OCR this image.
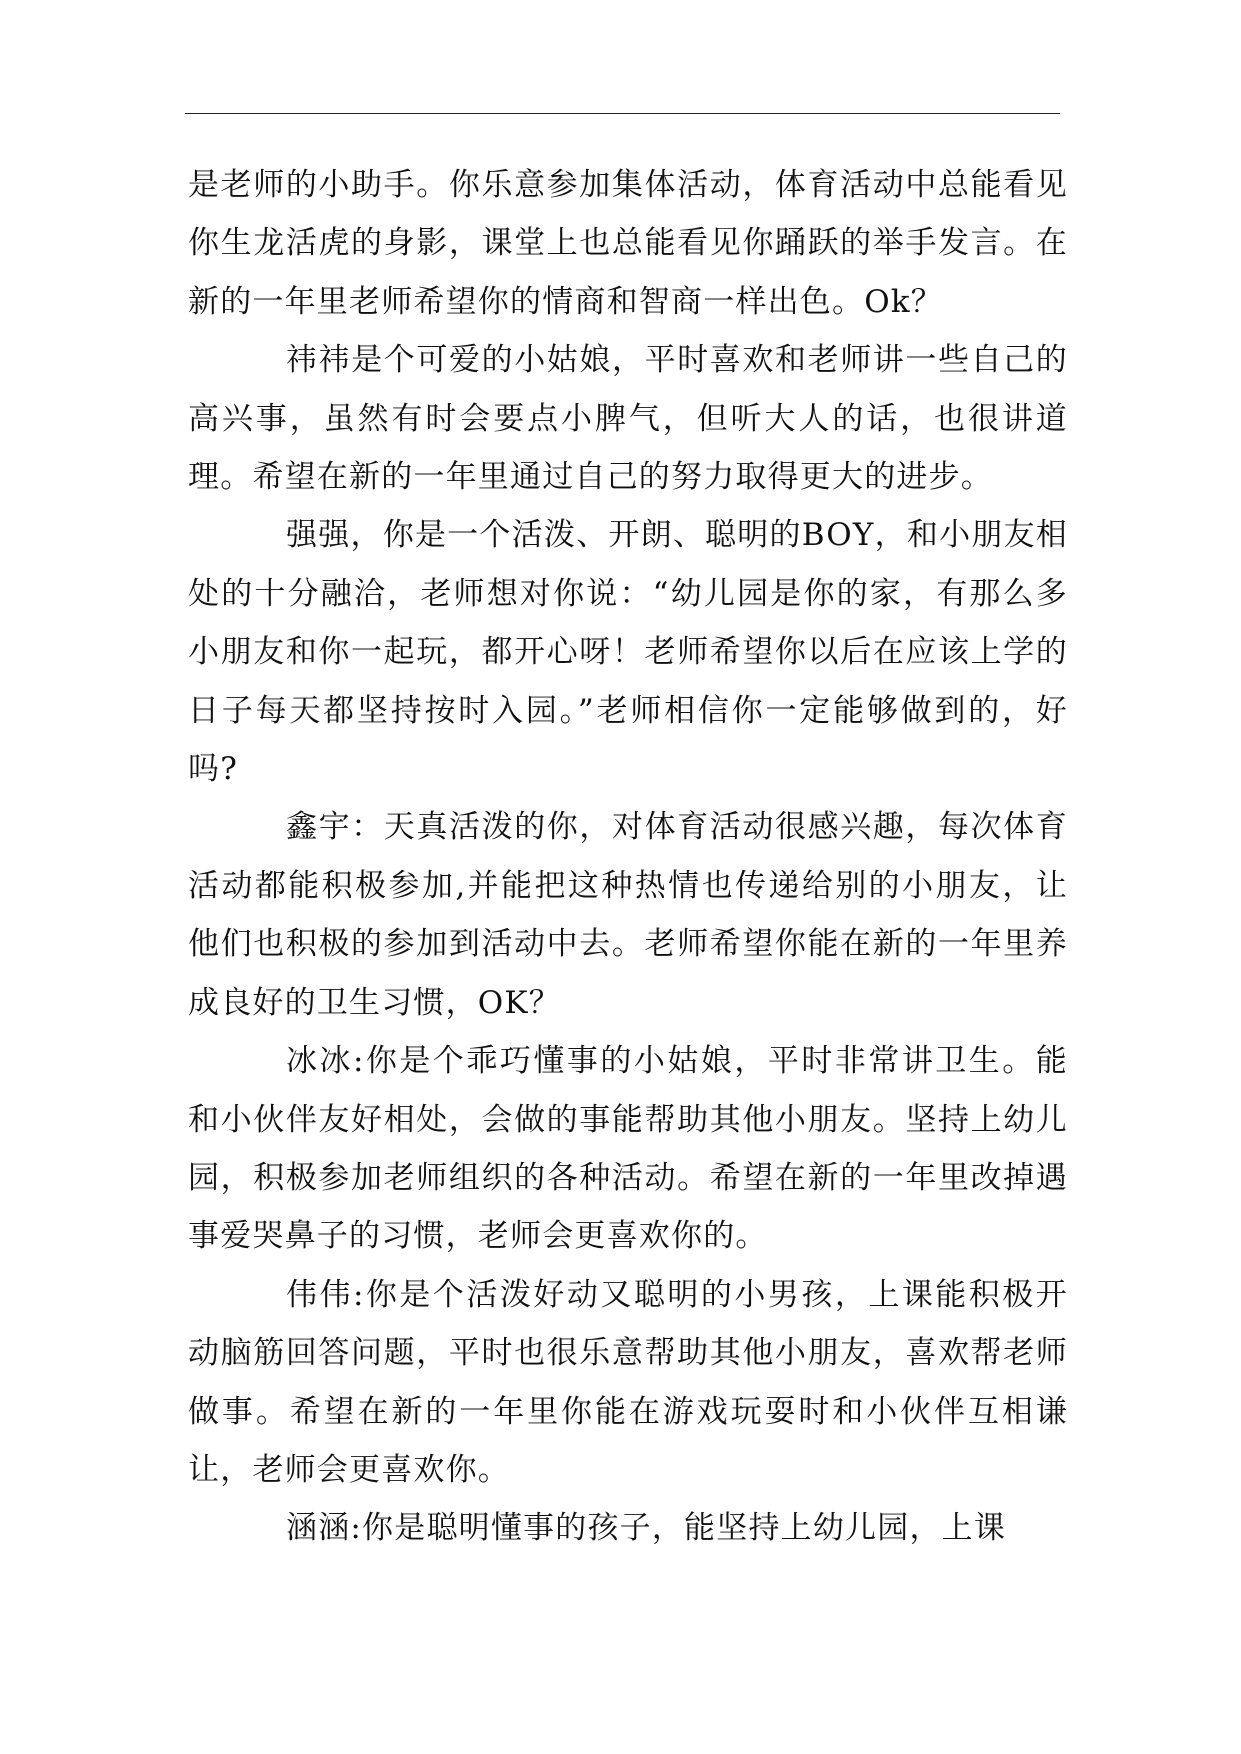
是老师的小助手。你乐意参加集体活动，体育活动中总能看见你生龙活虎的身影，课堂上也总能看见你踊跃的举手发言。在新的一年里老师希望你的情商和智商一样出色。Ok？

祎祎是个可爱的小姑娘，平时喜欢和老师讲一些自己的高兴事，虽然有时会要点小脾气，但听大人的话，也很讲道理。希望在新的一年里通过自己的努力取得更大的进步。

强强，你是一个活泼、开朗、聪明的BOY，和小朋友相处的十分融洽，老师想对你说：“幼儿园是你的家，有那么多小朋友和你一起玩，都开心呀！老师希望你以后在应该上学的日子每天都坚持按时入园。”老师相信你一定能够做到的，好吗?

鑫宇：天真活泼的你，对体育活动很感兴趣，每次体育活动都能积极参加,并能把这种热情也传递给别的小朋友，让他们也积极的参加到活动中去。老师希望你能在新的一年里养成良好的卫生习惯，OK？

冰冰:你是个乖巧懂事的小姑娘，平时非常讲卫生。能和小伙伴友好相处，会做的事能帮助其他小朋友。坚持上幼儿园，积极参加老师组织的各种活动。希望在新的一年里改掉遇事爱哭鼻子的习惯，老师会更喜欢你的。

伟伟:你是个活泼好动又聪明的小男孩，上课能积极开动脑筋回答问题，平时也很乐意帮助其他小朋友，喜欢帮老师做事。希望在新的一年里你能在游戏玩耍时和小伙伴互相谦让，老师会更喜欢你。

涵涵:你是聪明懂事的孩子，能坚持上幼儿园，上课
